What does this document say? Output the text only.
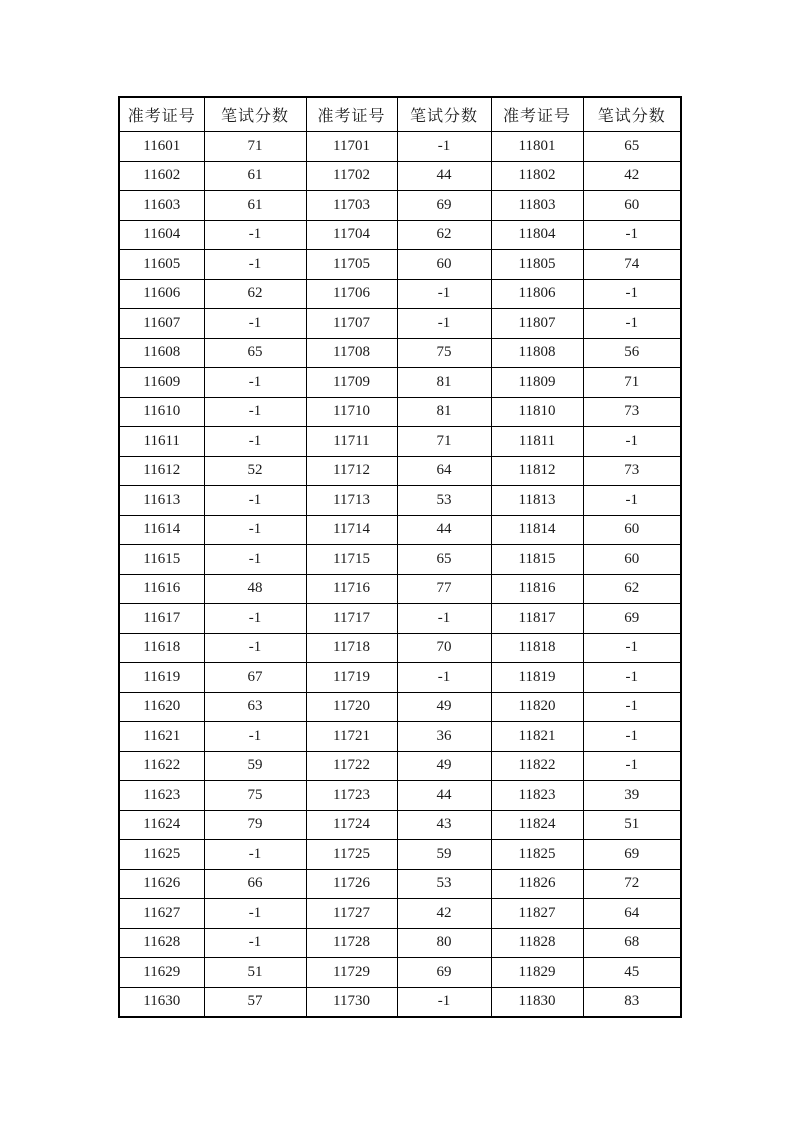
准考证号	笔试分数	准考证号	笔试分数	准考证号	笔试分数
11601	71	11701	-1	11801	65
11602	61	11702	44	11802	42
11603	61	11703	69	11803	60
11604	-1	11704	62	11804	-1
11605	-1	11705	60	11805	74
11606	62	11706	-1	11806	-1
11607	-1	11707	-1	11807	-1
11608	65	11708	75	11808	56
11609	-1	11709	81	11809	71
11610	-1	11710	81	11810	73
11611	-1	11711	71	11811	-1
11612	52	11712	64	11812	73
11613	-1	11713	53	11813	-1
11614	-1	11714	44	11814	60
11615	-1	11715	65	11815	60
11616	48	11716	77	11816	62
11617	-1	11717	-1	11817	69
11618	-1	11718	70	11818	-1
11619	67	11719	-1	11819	-1
11620	63	11720	49	11820	-1
11621	-1	11721	36	11821	-1
11622	59	11722	49	11822	-1
11623	75	11723	44	11823	39
11624	79	11724	43	11824	51
11625	-1	11725	59	11825	69
11626	66	11726	53	11826	72
11627	-1	11727	42	11827	64
11628	-1	11728	80	11828	68
11629	51	11729	69	11829	45
11630	57	11730	-1	11830	83
